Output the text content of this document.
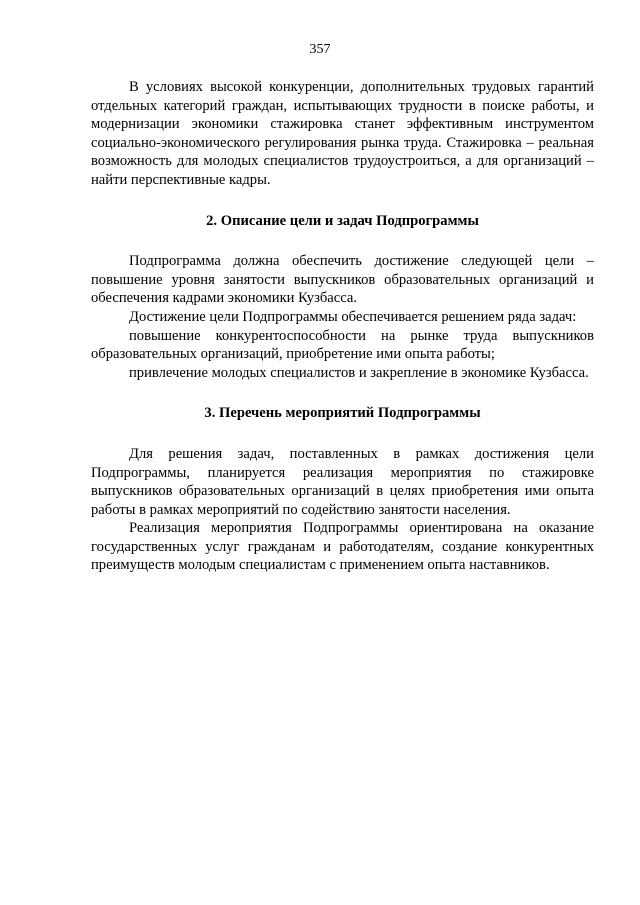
357

В условиях высокой конкуренции, дополнительных трудовых гарантий отдельных категорий граждан, испытывающих трудности в поиске работы, и модернизации экономики стажировка станет эффективным инструментом социально-экономического регулирования рынка труда. Стажировка – реальная возможность для молодых специалистов трудоустроиться, а для организаций – найти перспективные кадры.

2. Описание цели и задач Подпрограммы

Подпрограмма должна обеспечить достижение следующей цели – повышение уровня занятости выпускников образовательных организаций и обеспечения кадрами экономики Кузбасса.

Достижение цели Подпрограммы обеспечивается решением ряда задач:

повышение конкурентоспособности на рынке труда выпускников образовательных организаций, приобретение ими опыта работы;

привлечение молодых специалистов и закрепление в экономике Кузбасса.

3. Перечень мероприятий Подпрограммы

Для решения задач, поставленных в рамках достижения цели Подпрограммы, планируется реализация мероприятия по стажировке выпускников образовательных организаций в целях приобретения ими опыта работы в рамках мероприятий по содействию занятости населения.

Реализация мероприятия Подпрограммы ориентирована на оказание государственных услуг гражданам и работодателям, создание конкурентных преимуществ молодым специалистам с применением опыта наставников.
